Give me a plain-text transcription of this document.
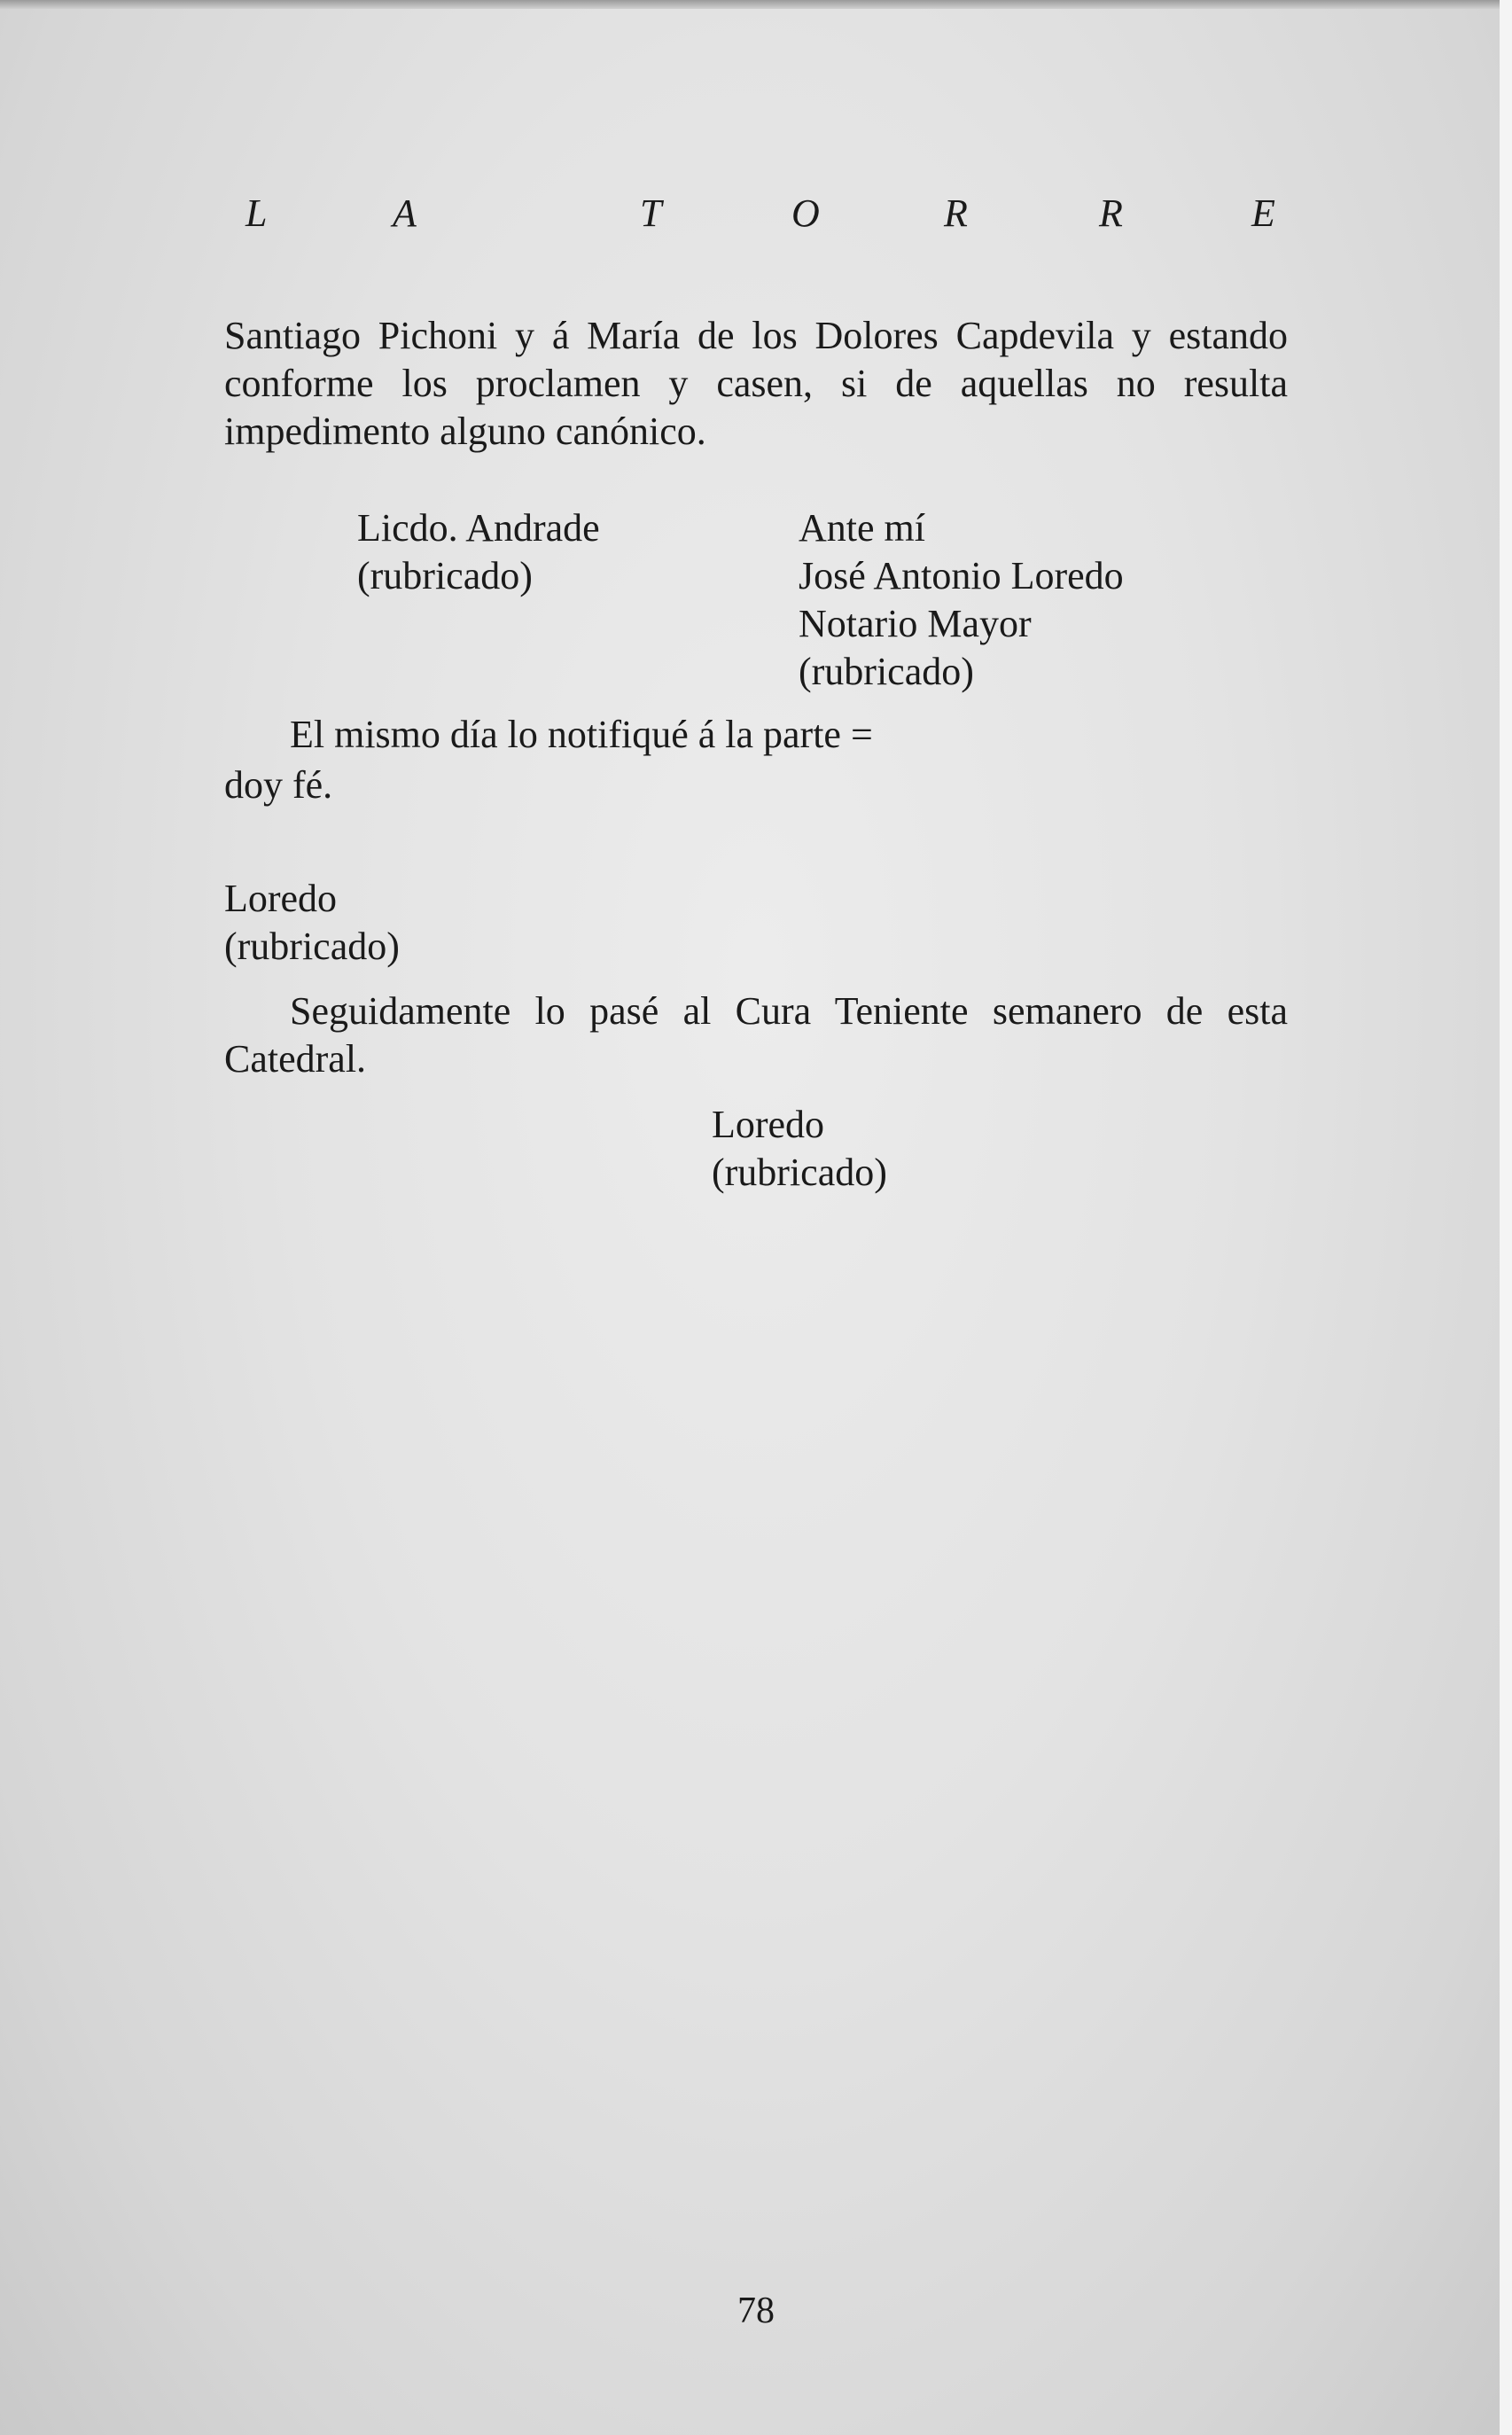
L	A	T	O	R	R	E
Santiago Pichoni y á María de los Dolores Capdevila y estando conforme los proclamen y casen, si de aquellas no resulta impedimento alguno canónico.
Licdo. Andrade
(rubricado)
Ante mí
José Antonio Loredo
Notario Mayor
(rubricado)
El mismo día lo notifiqué á la parte =
doy fé.
Loredo
(rubricado)
Seguidamente lo pasé al Cura Teniente semanero de esta Catedral.
Loredo
(rubricado)
78
